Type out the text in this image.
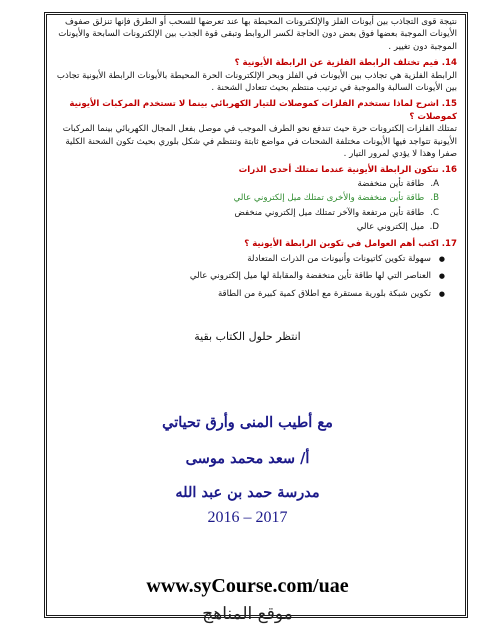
نتيجة قوى التجاذب بين أيونات الفلز والإلكترونات المحيطة بها عند تعرضها للسحب أو الطرق فإنها تنزلق صفوف الأيونات الموجبة بعضها فوق بعض دون الحاجة لكسر الروابط وتبقى قوة الجذب بين الإلكترونات السابحة والأيونات الموجبة دون تغيير .

14. فيم تختلف الرابطة الفلزية عن الرابطة الأيونية ؟

الرابطة الفلزية هي تجاذب بين الأيونات في الفلز وبحر الإلكترونات الحرة المحيطة بالأيونات الرابطة الأيونية تجاذب بين الأيونات السالبة والموجبة في ترتيب منتظم بحيث تتعادل الشحنة .

15. اشرح لماذا تستخدم الفلزات كموصلات للتيار الكهربائي بينما لا تستخدم المركبات الأيونية كموصلات ؟

تمتلك الفلزات إلكترونات حرة حيث تندفع نحو الطرف الموجب في موصل بفعل المجال الكهربائي بينما المركبات الأيونية تتواجد فيها الأيونات مختلفة الشحنات في مواضع ثابتة وتنتظم في شكل بلوري بحيث تكون الشحنة الكلية صفرا وهذا لا يؤدي لمرور التيار .

16. تتكون الرابطة الأيونية عندما تمتلك أحدى الذرات
A. طاقة تأين منخفضة
B. طاقة تأين منخفضة والأخرى تمتلك ميل إلكتروني عالي
C. طاقة تأين مرتفعة والآخر تمتلك ميل إلكتروني منخفض
D. ميل إلكتروني عالي
17. اكتب أهم العوامل في تكوين الرابطة الأيونية ؟
● سهولة تكوين كاتيونات وأنيونات من الذرات المتعادلة
● العناصر التي لها طاقة تأين منخفضة والمقابلة لها ميل إلكتروني عالي
● تكوين شبكة بلورية مستقرة مع اطلاق كمية كبيرة من الطاقة
انتظر حلول الكتاب بقية
مع أطيب المنى وأرق تحياتي
أ/ سعد محمد موسى
مدرسة حمد بن عبد الله
2016 – 2017
www.syCourse.com/uae
موقع المناهج
